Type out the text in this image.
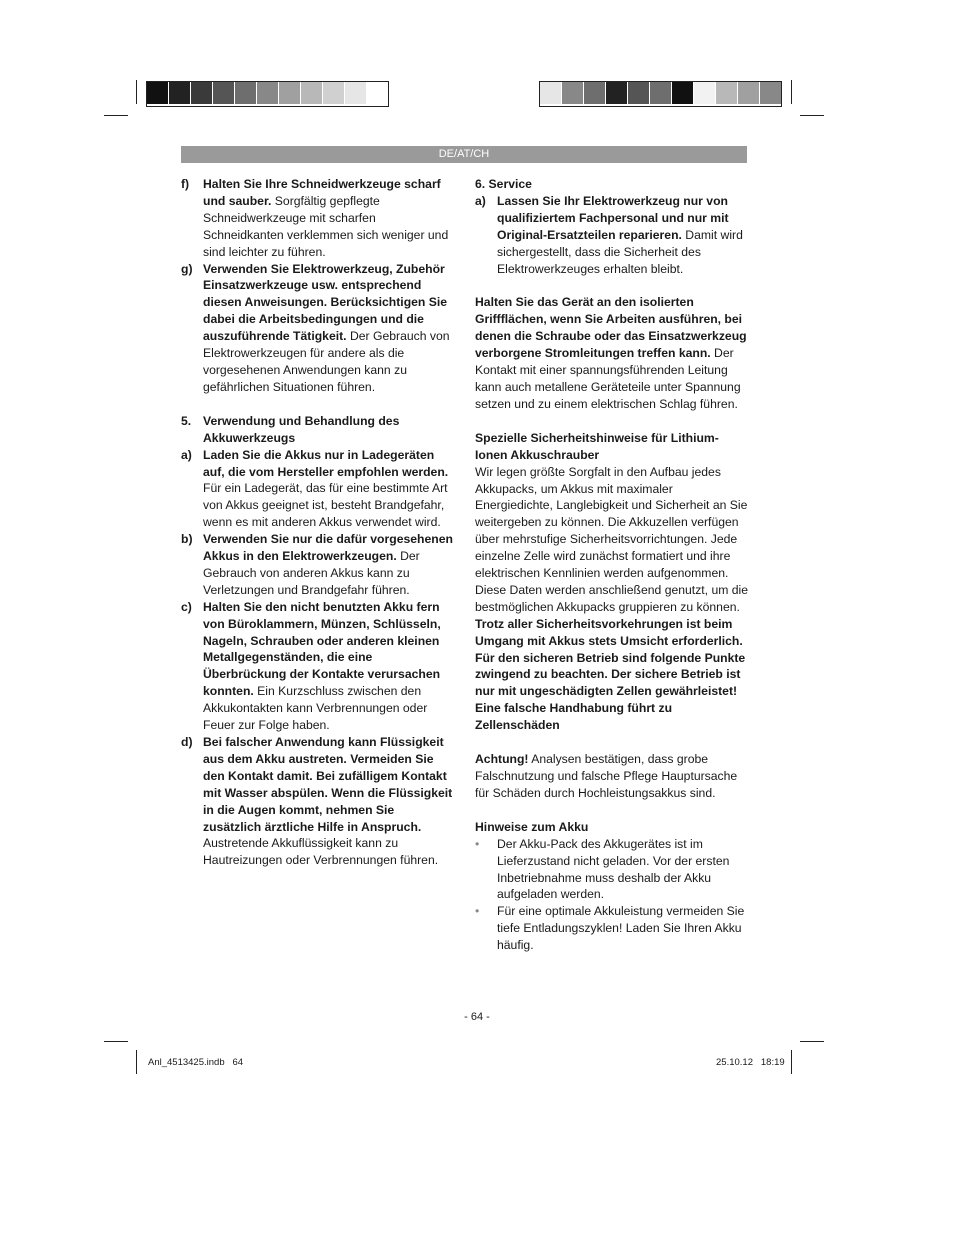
DE/AT/CH
f)	Halten Sie Ihre Schneidwerkzeuge scharf und sauber. Sorgfältig gepflegte Schneidwerkzeuge mit scharfen Schneidkanten verklemmen sich weniger und sind leichter zu führen.
g) Verwenden Sie Elektrowerkzeug, Zubehör Einsatzwerkzeuge usw. entsprechend diesen Anweisungen. Berücksichtigen Sie dabei die Arbeitsbedingungen und die auszuführende Tätigkeit. Der Gebrauch von Elektrowerkzeugen für andere als die vorgesehenen Anwendungen kann zu gefährlichen Situationen führen.
5. Verwendung und Behandlung des Akkuwerkzeugs
a) Laden Sie die Akkus nur in Ladegeräten auf, die vom Hersteller empfohlen werden. Für ein Ladegerät, das für eine bestimmte Art von Akkus geeignet ist, besteht Brandgefahr, wenn es mit anderen Akkus verwendet wird.
b) Verwenden Sie nur die dafür vorgesehenen Akkus in den Elektrowerkzeugen. Der Gebrauch von anderen Akkus kann zu Verletzungen und Brandgefahr führen.
c) Halten Sie den nicht benutzten Akku fern von Büroklammern, Münzen, Schlüsseln, Nageln, Schrauben oder anderen kleinen Metallgegenständen, die eine Überbrückung der Kontakte verursachen konnten. Ein Kurzschluss zwischen den Akkukontakten kann Verbrennungen oder Feuer zur Folge haben.
d) Bei falscher Anwendung kann Flüssigkeit aus dem Akku austreten. Vermeiden Sie den Kontakt damit. Bei zufälligem Kontakt mit Wasser abspülen. Wenn die Flüssigkeit in die Augen kommt, nehmen Sie zusätzlich ärztliche Hilfe in Anspruch. Austretende Akkuflüssigkeit kann zu Hautreizungen oder Verbrennungen führen.

6. Service

a) Lassen Sie Ihr Elektrowerkzeug nur von qualifiziertem Fachpersonal und nur mit Original-Ersatzteilen reparieren. Damit wird sichergestellt, dass die Sicherheit des Elektrowerkzeuges erhalten bleibt.

Halten Sie das Gerät an den isolierten Griffflächen, wenn Sie Arbeiten ausführen, bei denen die Schraube oder das Einsatzwerkzeug verborgene Stromleitungen treffen kann. Der Kontakt mit einer spannungsführenden Leitung kann auch metallene Geräteteile unter Spannung setzen und zu einem elektrischen Schlag führen.

Spezielle Sicherheitshinweise für Lithium-Ionen Akkuschrauber

Wir legen größte Sorgfalt in den Aufbau jedes Akkupacks, um Akkus mit maximaler Energiedichte, Langlebigkeit und Sicherheit an Sie weitergeben zu können. Die Akkuzellen verfügen über mehrstufige Sicherheitsvorrichtungen. Jede einzelne Zelle wird zunächst formatiert und ihre elektrischen Kennlinien werden aufgenommen. Diese Daten werden anschließend genutzt, um die bestmöglichen Akkupacks gruppieren zu können. Trotz aller Sicherheitsvorkehrungen ist beim Umgang mit Akkus stets Umsicht erforderlich. Für den sicheren Betrieb sind folgende Punkte zwingend zu beachten. Der sichere Betrieb ist nur mit ungeschädigten Zellen gewährleistet! Eine falsche Handhabung führt zu Zellenschäden

Achtung! Analysen bestätigen, dass grobe Falschnutzung und falsche Pflege Hauptursache für Schäden durch Hochleistungsakkus sind.

Hinweise zum Akku

•	Der Akku-Pack des Akkugerätes ist im Lieferzustand nicht geladen. Vor der ersten Inbetriebnahme muss deshalb der Akku aufgeladen werden.
•	Für eine optimale Akkuleistung vermeiden Sie tiefe Entladungszyklen! Laden Sie Ihren Akku häufig.
- 64 -
Anl_4513425.indb   64	25.10.12   18:19
